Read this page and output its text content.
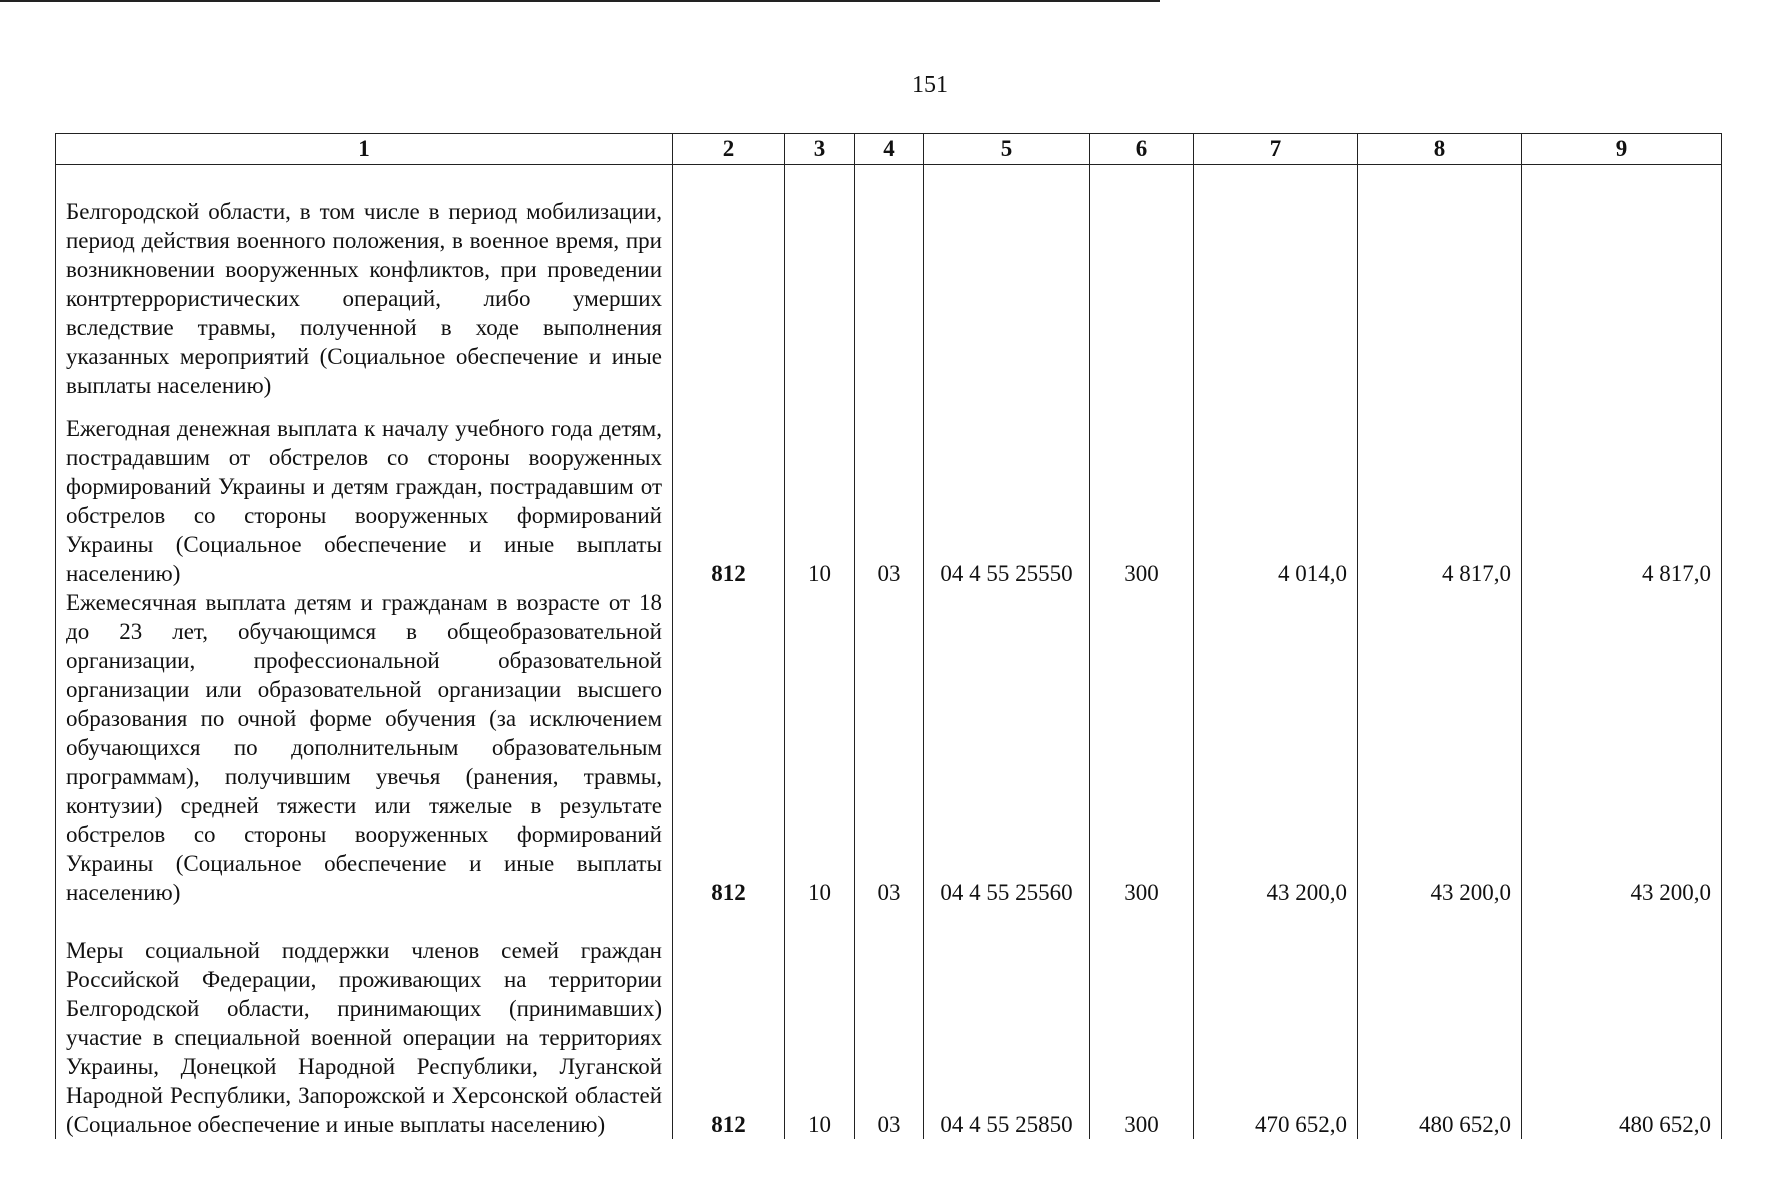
151
1	2	3	4	5	6	7	8	9

Белгородской области, в том числе в период мобилизации, период действия военного положения, в военное время, при возникновении вооруженных конфликтов, при проведении контртеррористических операций, либо умерших вследствие травмы, полученной в ходе выполнения указанных мероприятий (Социальное обеспечение и иные выплаты населению)								

Ежегодная денежная выплата к началу учебного года детям, пострадавшим от обстрелов со стороны вооруженных формирований Украины и детям граждан, пострадавшим от обстрелов со стороны вооруженных формирований Украины (Социальное обеспечение и иные выплаты населению)	812	10	03	04 4 55 25550	300	4 014,0	4 817,0	4 817,0

Ежемесячная выплата детям и гражданам в возрасте от 18 до 23 лет, обучающимся в общеобразовательной организации, профессиональной образовательной организации или образовательной организации высшего образования по очной форме обучения (за исключением обучающихся по дополнительным образовательным программам), получившим увечья (ранения, травмы, контузии) средней тяжести или тяжелые в результате обстрелов со стороны вооруженных формирований Украины (Социальное обеспечение и иные выплаты населению)	812	10	03	04 4 55 25560	300	43 200,0	43 200,0	43 200,0

Меры социальной поддержки членов семей граждан Российской Федерации, проживающих на территории Белгородской области, принимающих (принимавших) участие в специальной военной операции на территориях Украины, Донецкой Народной Республики, Луганской Народной Республики, Запорожской и Херсонской областей (Социальное обеспечение и иные выплаты населению)	812	10	03	04 4 55 25850	300	470 652,0	480 652,0	480 652,0
